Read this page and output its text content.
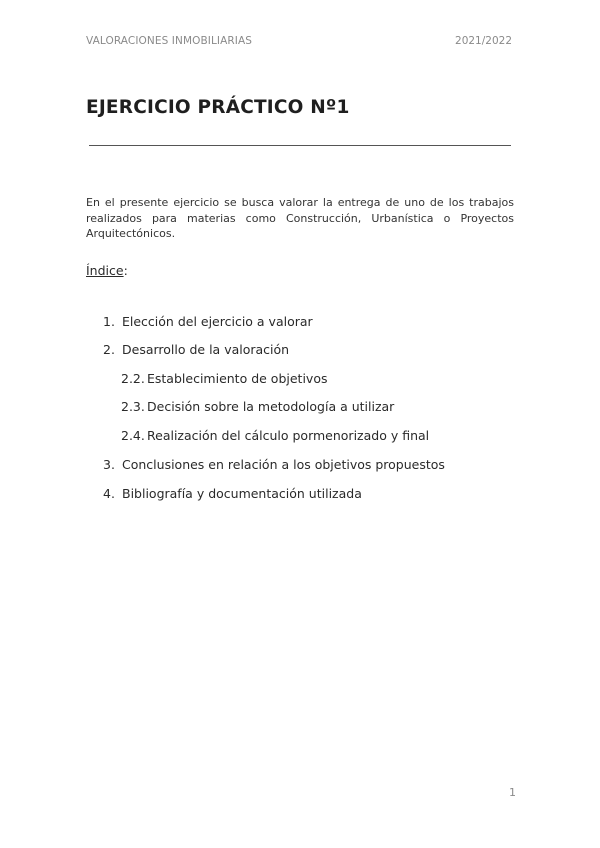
VALORACIONES INMOBILIARIAS	2021/2022
EJERCICIO PRÁCTICO Nº1

En el presente ejercicio se busca valorar la entrega de uno de los trabajos realizados para materias como Construcción, Urbanística o Proyectos Arquitectónicos.

Índice:
1. Elección del ejercicio a valorar
2. Desarrollo de la valoración
2.2. Establecimiento de objetivos
2.3. Decisión sobre la metodología a utilizar
2.4. Realización del cálculo pormenorizado y final
3. Conclusiones en relación a los objetivos propuestos
4. Bibliografía y documentación utilizada
1
